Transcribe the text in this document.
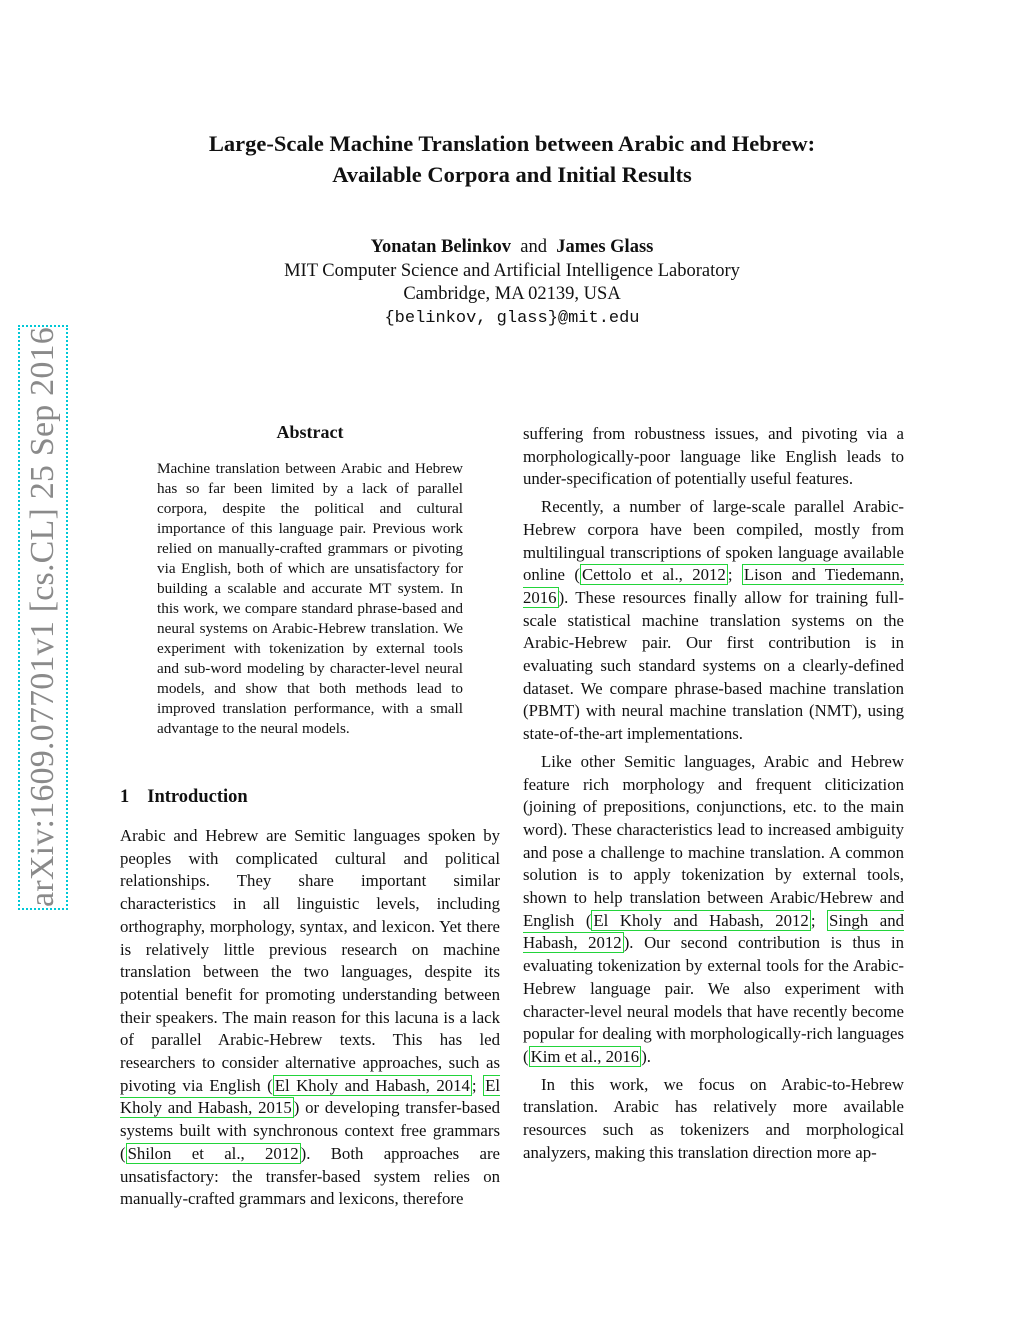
Large-Scale Machine Translation between Arabic and Hebrew:
Available Corpora and Initial Results
Yonatan Belinkov and James Glass
MIT Computer Science and Artificial Intelligence Laboratory
Cambridge, MA 02139, USA
{belinkov, glass}@mit.edu
arXiv:1609.07701v1 [cs.CL] 25 Sep 2016	Abstract
Machine translation between Arabic and Hebrew has so far been limited by a lack of parallel corpora, despite the political and cultural importance of this language pair. Previous work relied on manually-crafted grammars or pivoting via English, both of which are unsatisfactory for building a scalable and accurate MT system. In this work, we compare standard phrase-based and neural systems on Arabic-Hebrew translation. We experiment with tokenization by external tools and sub-word modeling by character-level neural models, and show that both methods lead to improved translation performance, with a small advantage to the neural models.
1 Introduction

Arabic and Hebrew are Semitic languages spoken by peoples with complicated cultural and political relationships. They share important similar characteristics in all linguistic levels, including orthography, morphology, syntax, and lexicon. Yet there is relatively little previous research on machine translation between the two languages, despite its potential benefit for promoting understanding between their speakers. The main reason for this lacuna is a lack of parallel Arabic-Hebrew texts. This has led researchers to consider alternative approaches, such as pivoting via English ( El Kholy and Habash, 2014 ; El Kholy and Habash, 2015 ) or developing transfer-based systems built with synchronous context free grammars ( Shilon et al., 2012 ). Both approaches are unsatisfactory: the transfer-based system relies on manually-crafted grammars and lexicons, therefore

suffering from robustness issues, and pivoting via a morphologically-poor language like English leads to under-specification of potentially useful features.

Recently, a number of large-scale parallel Arabic-Hebrew corpora have been compiled, mostly from multilingual transcriptions of spoken language available online ( Cettolo et al., 2012 ; Lison and Tiedemann, 2016 ). These resources finally allow for training full-scale statistical machine translation systems on the Arabic-Hebrew pair. Our first contribution is in evaluating such standard systems on a clearly-defined dataset. We compare phrase-based machine translation (PBMT) with neural machine translation (NMT), using state-of-the-art implementations.

Like other Semitic languages, Arabic and Hebrew feature rich morphology and frequent cliticization (joining of prepositions, conjunctions, etc. to the main word). These characteristics lead to increased ambiguity and pose a challenge to machine translation. A common solution is to apply tokenization by external tools, shown to help translation between Arabic/Hebrew and English ( El Kholy and Habash, 2012 ; Singh and Habash, 2012 ). Our second contribution is thus in evaluating tokenization by external tools for the Arabic-Hebrew language pair. We also experiment with character-level neural models that have recently become popular for dealing with morphologically-rich languages ( Kim et al., 2016 ).

In this work, we focus on Arabic-to-Hebrew translation. Arabic has relatively more available resources such as tokenizers and morphological analyzers, making this translation direction more ap-
